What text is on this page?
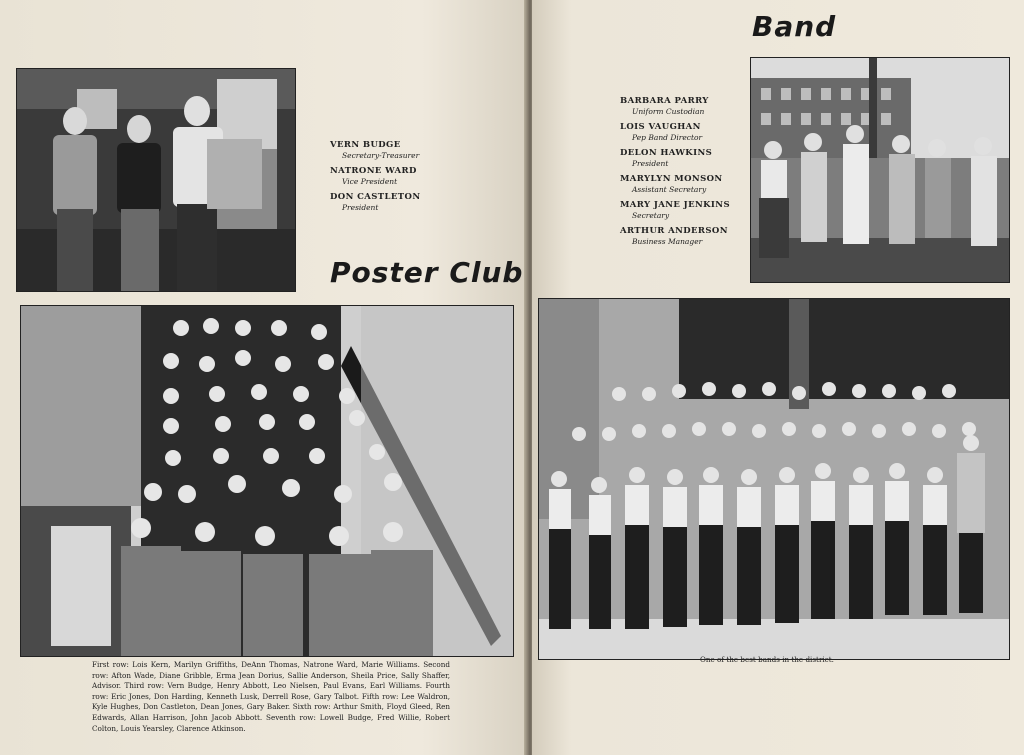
VERN BUDGE
Secretary-Treasurer
NATRONE WARD
Vice President
DON CASTLETON
President
Poster Club
First row: Lois Kern, Marilyn Griffiths, DeAnn Thomas, Natrone Ward, Marie Williams. Second row: Afton Wade, Diane Gribble, Erma Jean Dorius, Sallie Anderson, Sheila Price, Sally Shaffer, Advisor. Third row: Vern Budge, Henry Abbott, Leo Nielsen, Paul Evans, Earl Williams. Fourth row: Eric Jones, Don Harding, Kenneth Lusk, Derrell Rose, Gary Talbot. Fifth row: Lee Waldron, Kyle Hughes, Don Castleton, Dean Jones, Gary Baker. Sixth row: Arthur Smith, Floyd Gleed, Ren Edwards, Allan Harrison, John Jacob Abbott. Seventh row: Lowell Budge, Fred Willie, Robert Colton, Louis Yearsley, Clarence Atkinson.
Band
BARBARA PARRY
Uniform Custodian
LOIS VAUGHAN
Pep Band Director
DELON HAWKINS
President
MARYLYN MONSON
Assistant Secretary
MARY JANE JENKINS
Secretary
ARTHUR ANDERSON
Business Manager
One of the best bands in the district.
